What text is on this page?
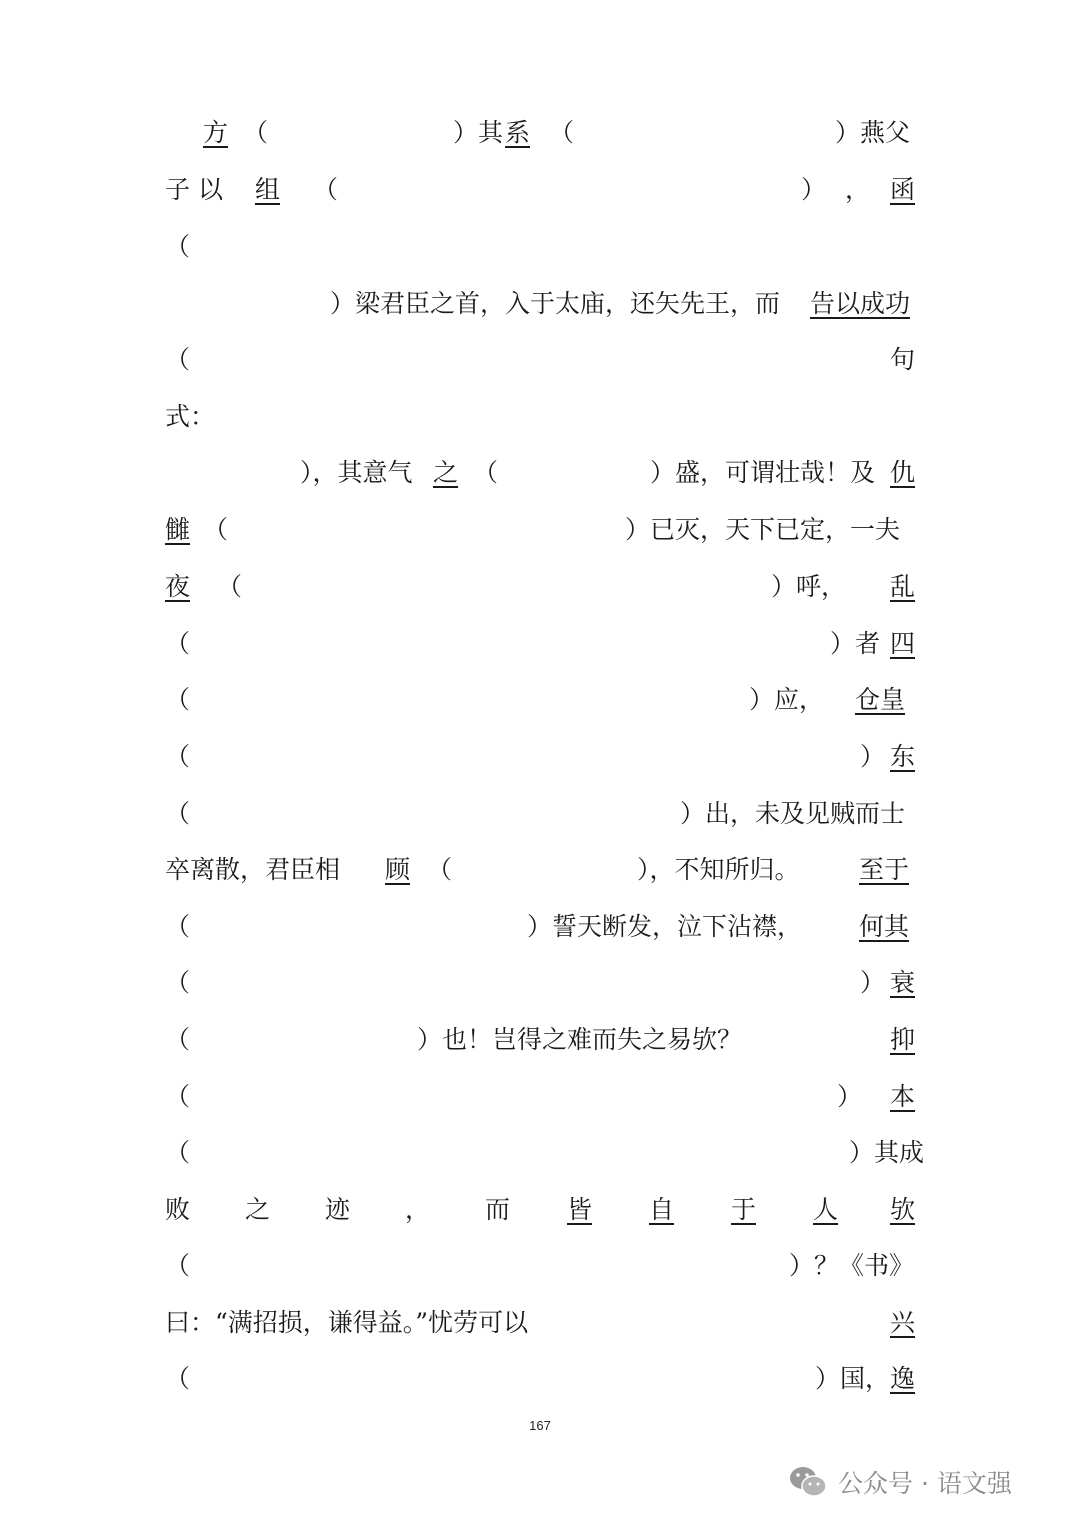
方 （	）其 系 （	）燕父
子 以 组 （	） ， 函
（
）梁君臣之首，入于太庙，还矢先王，而 告以成功
（	句
式：
），其意气 之 （	）盛，可谓壮哉！及 仇
雠 （	）已灭，天下已定，一夫
夜 （	）呼， 乱
（	）者 四
（	）应， 仓皇
（	） 东
（	）出，未及见贼而士
卒离散，君臣相 顾 （	），不知所归。 至于
（	）誓天断发，泣下沾襟， 何其
（	） 衰
（	）也！岂得之难而失之易欤？	抑
（	） 本
（	）其成
败 之 迹 ， 而 皆 自 于 人 欤
（	）？《书》
曰：“满招损，谦得益。”忧劳可以	兴
（	）国， 逸
167
公众号 · 语文强
